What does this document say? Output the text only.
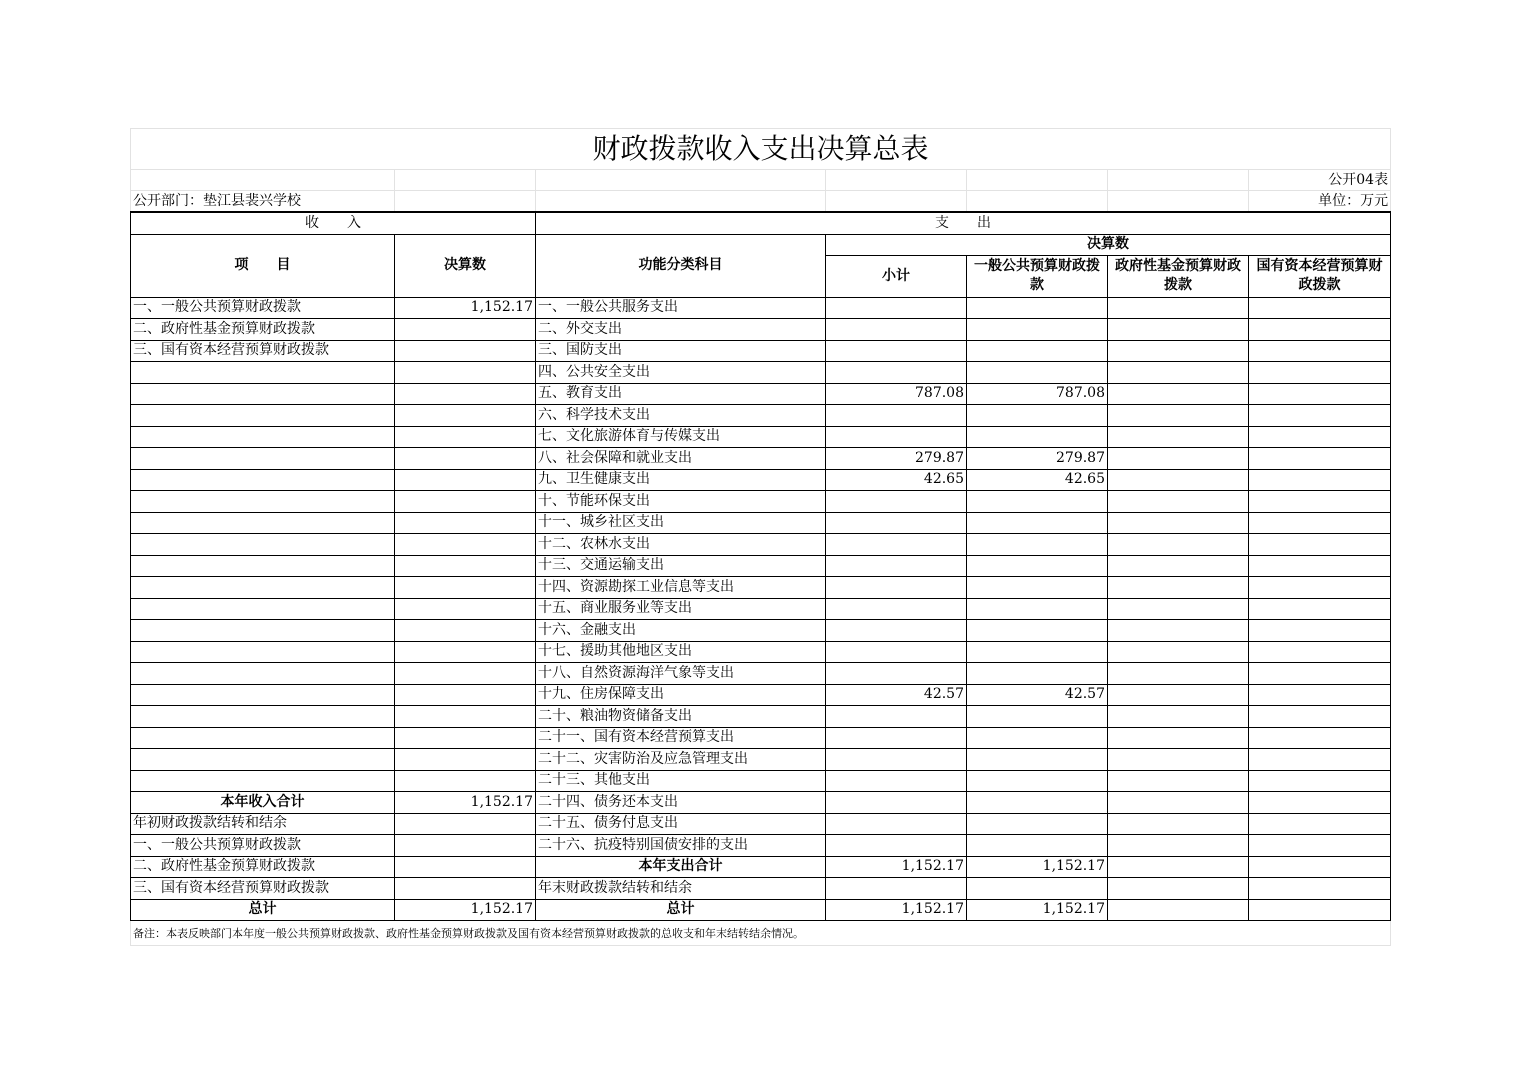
财政拨款收入支出决算总表						
						公开04表
公开部门：垫江县裴兴学校						单位：万元
收　　入		支　　出				
项　　目	决算数	功能分类科目	决算数			
			小计	一般公共预算财政拨款	政府性基金预算财政拨款	国有资本经营预算财政拨款
一、一般公共预算财政拨款	1,152.17	一、一般公共服务支出				
二、政府性基金预算财政拨款		二、外交支出				
三、国有资本经营预算财政拨款		三、国防支出				
		四、公共安全支出				
		五、教育支出	787.08	787.08		
		六、科学技术支出				
		七、文化旅游体育与传媒支出				
		八、社会保障和就业支出	279.87	279.87		
		九、卫生健康支出	42.65	42.65		
		十、节能环保支出				
		十一、城乡社区支出				
		十二、农林水支出				
		十三、交通运输支出				
		十四、资源勘探工业信息等支出				
		十五、商业服务业等支出				
		十六、金融支出				
		十七、援助其他地区支出				
		十八、自然资源海洋气象等支出				
		十九、住房保障支出	42.57	42.57		
		二十、粮油物资储备支出				
		二十一、国有资本经营预算支出				
		二十二、灾害防治及应急管理支出				
		二十三、其他支出				
本年收入合计	1,152.17	二十四、债务还本支出				
年初财政拨款结转和结余		二十五、债务付息支出				
一、一般公共预算财政拨款		二十六、抗疫特别国债安排的支出				
二、政府性基金预算财政拨款		本年支出合计	1,152.17	1,152.17		
三、国有资本经营预算财政拨款		年末财政拨款结转和结余				
总计	1,152.17	总计	1,152.17	1,152.17		
备注：本表反映部门本年度一般公共预算财政拨款、政府性基金预算财政拨款及国有资本经营预算财政拨款的总收支和年末结转结余情况。						
